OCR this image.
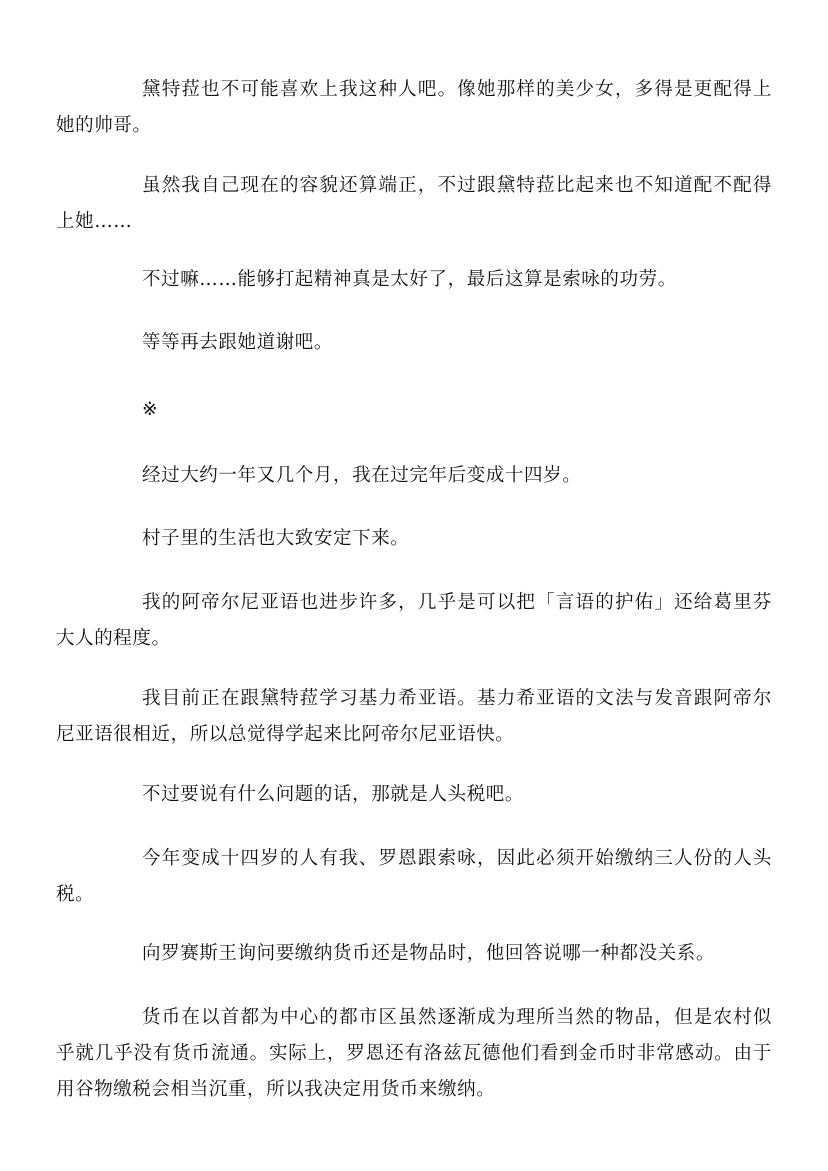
黛特菈也不可能喜欢上我这种人吧。像她那样的美少女，多得是更配得上她的帅哥。

虽然我自己现在的容貌还算端正，不过跟黛特菈比起来也不知道配不配得上她……

不过嘛……能够打起精神真是太好了，最后这算是索咏的功劳。

等等再去跟她道谢吧。

※

经过大约一年又几个月，我在过完年后变成十四岁。

村子里的生活也大致安定下来。

我的阿帝尔尼亚语也进步许多，几乎是可以把「言语的护佑」还给葛里芬大人的程度。

我目前正在跟黛特菈学习基力希亚语。基力希亚语的文法与发音跟阿帝尔尼亚语很相近，所以总觉得学起来比阿帝尔尼亚语快。

不过要说有什么问题的话，那就是人头税吧。

今年变成十四岁的人有我、罗恩跟索咏，因此必须开始缴纳三人份的人头税。

向罗赛斯王询问要缴纳货币还是物品时，他回答说哪一种都没关系。

货币在以首都为中心的都市区虽然逐渐成为理所当然的物品，但是农村似乎就几乎没有货币流通。实际上，罗恩还有洛兹瓦德他们看到金币时非常感动。由于用谷物缴税会相当沉重，所以我决定用货币来缴纳。
